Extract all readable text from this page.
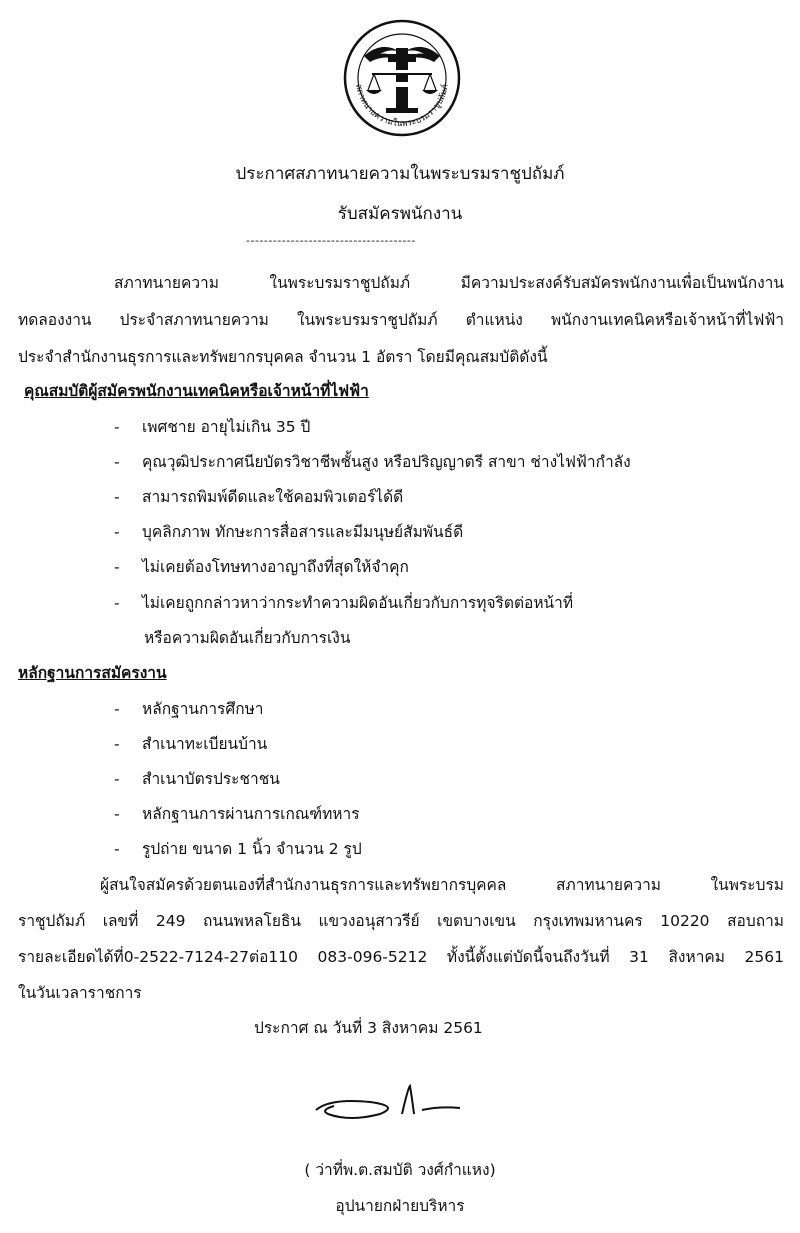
สภาทนายความในพระบรมราชูปถัมภ์
ประกาศสภาทนายความในพระบรมราชูปถัมภ์
รับสมัครพนักงาน
--------------------------------------
สภาทนายความ ในพระบรมราชูปถัมภ์ มีความประสงค์รับสมัครพนักงานเพื่อเป็นพนักงาน
ทดลองงาน ประจำสภาทนายความ ในพระบรมราชูปถัมภ์ ตำแหน่ง พนักงานเทคนิคหรือเจ้าหน้าที่ไฟฟ้า
ประจำสำนักงานธุรการและทรัพยากรบุคคล จำนวน 1 อัตรา โดยมีคุณสมบัติดังนี้
คุณสมบัติผู้สมัครพนักงานเทคนิคหรือเจ้าหน้าที่ไฟฟ้า
- เพศชาย อายุไม่เกิน 35 ปี
- คุณวุฒิประกาศนียบัตรวิชาชีพชั้นสูง หรือปริญญาตรี สาขา ช่างไฟฟ้ากำลัง
- สามารถพิมพ์ดีดและใช้คอมพิวเตอร์ได้ดี
- บุคลิกภาพ ทักษะการสื่อสารและมีมนุษย์สัมพันธ์ดี
- ไม่เคยต้องโทษทางอาญาถึงที่สุดให้จำคุก
- ไม่เคยถูกกล่าวหาว่ากระทำความผิดอันเกี่ยวกับการทุจริตต่อหน้าที่
หรือความผิดอันเกี่ยวกับการเงิน
หลักฐานการสมัครงาน
- หลักฐานการศึกษา
- สำเนาทะเบียนบ้าน
- สำเนาบัตรประชาชน
- หลักฐานการผ่านการเกณฑ์ทหาร
- รูปถ่าย ขนาด 1 นิ้ว จำนวน 2 รูป
ผู้สนใจสมัครด้วยตนเองที่สำนักงานธุรการและทรัพยากรบุคคล สภาทนายความ ในพระบรม
ราชูปถัมภ์ เลขที่ 249 ถนนพหลโยธิน แขวงอนุสาวรีย์ เขตบางเขน กรุงเทพมหานคร 10220 สอบถาม
รายละเอียดได้ที่0-2522-7124-27ต่อ110 083-096-5212 ทั้งนี้ตั้งแต่บัดนี้จนถึงวันที่ 31 สิงหาคม 2561
ในวันเวลาราชการ
ประกาศ ณ วันที่ 3 สิงหาคม 2561
( ว่าที่พ.ต.สมบัติ วงศ์กำแหง)
อุปนายกฝ่ายบริหาร
